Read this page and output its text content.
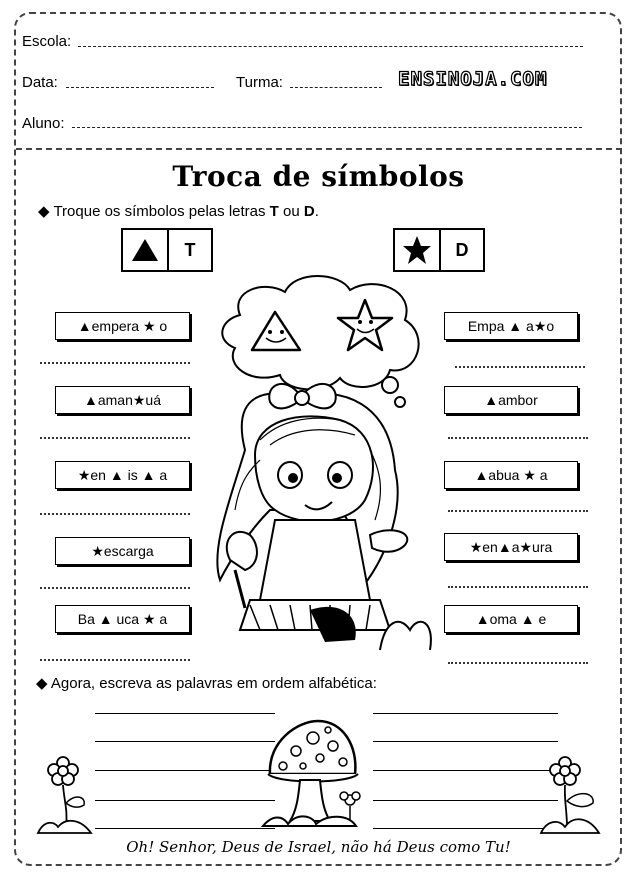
Escola:
Data:	Turma:	ENSINOJA.COM
Aluno:
Troca de símbolos
◆ Troque os símbolos pelas letras T ou D.
T	D
▲empera ★ o
▲aman★uá
★en ▲ is ▲ a
★escarga
Ba ▲ uca ★ a
Empa ▲ a★o
▲ambor
▲abua ★ a
★en▲a★ura
▲oma ▲ e
◆ Agora, escreva as palavras em ordem alfabética:
Oh! Senhor, Deus de Israel, não há Deus como Tu!
